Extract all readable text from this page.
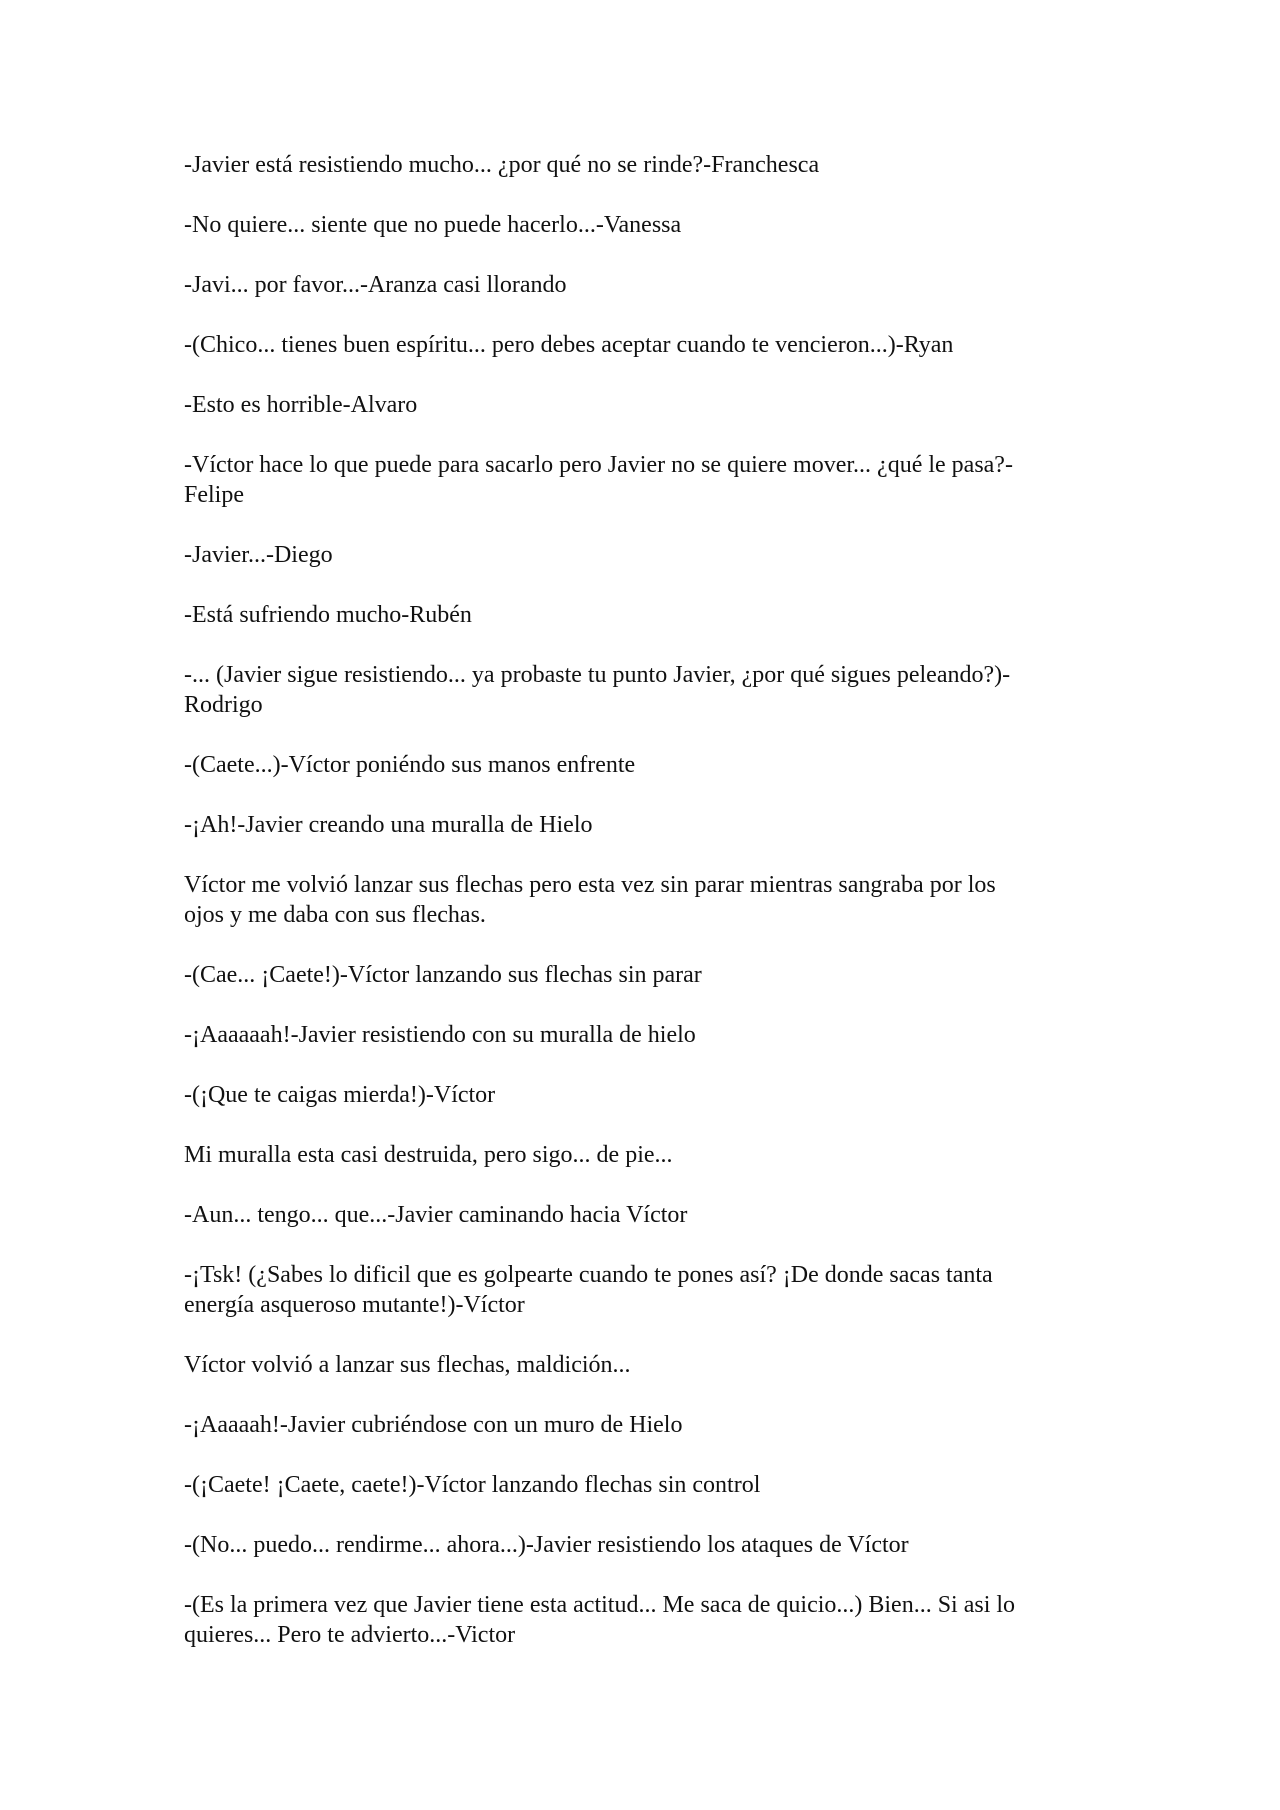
-Javier está resistiendo mucho... ¿por qué no se rinde?-Franchesca

-No quiere... siente que no puede hacerlo...-Vanessa

-Javi... por favor...-Aranza casi llorando

-(Chico... tienes buen espíritu... pero debes aceptar cuando te vencieron...)-Ryan

-Esto es horrible-Alvaro

-Víctor hace lo que puede para sacarlo pero Javier no se quiere mover... ¿qué le pasa?-
Felipe

-Javier...-Diego

-Está sufriendo mucho-Rubén

-... (Javier sigue resistiendo... ya probaste tu punto Javier, ¿por qué sigues peleando?)-
Rodrigo

-(Caete...)-Víctor poniéndo sus manos enfrente

-¡Ah!-Javier creando una muralla de Hielo

Víctor me volvió lanzar sus flechas pero esta vez sin parar mientras sangraba por los
ojos y me daba con sus flechas.

-(Cae... ¡Caete!)-Víctor lanzando sus flechas sin parar

-¡Aaaaaah!-Javier resistiendo con su muralla de hielo

-(¡Que te caigas mierda!)-Víctor

Mi muralla esta casi destruida, pero sigo... de pie...

-Aun... tengo... que...-Javier caminando hacia Víctor

-¡Tsk! (¿Sabes lo dificil que es golpearte cuando te pones así? ¡De donde sacas tanta
energía asqueroso mutante!)-Víctor

Víctor volvió a lanzar sus flechas, maldición...

-¡Aaaaah!-Javier cubriéndose con un muro de Hielo

-(¡Caete! ¡Caete, caete!)-Víctor lanzando flechas sin control

-(No... puedo... rendirme... ahora...)-Javier resistiendo los ataques de Víctor

-(Es la primera vez que Javier tiene esta actitud... Me saca de quicio...) Bien... Si asi lo
quieres... Pero te advierto...-Victor
